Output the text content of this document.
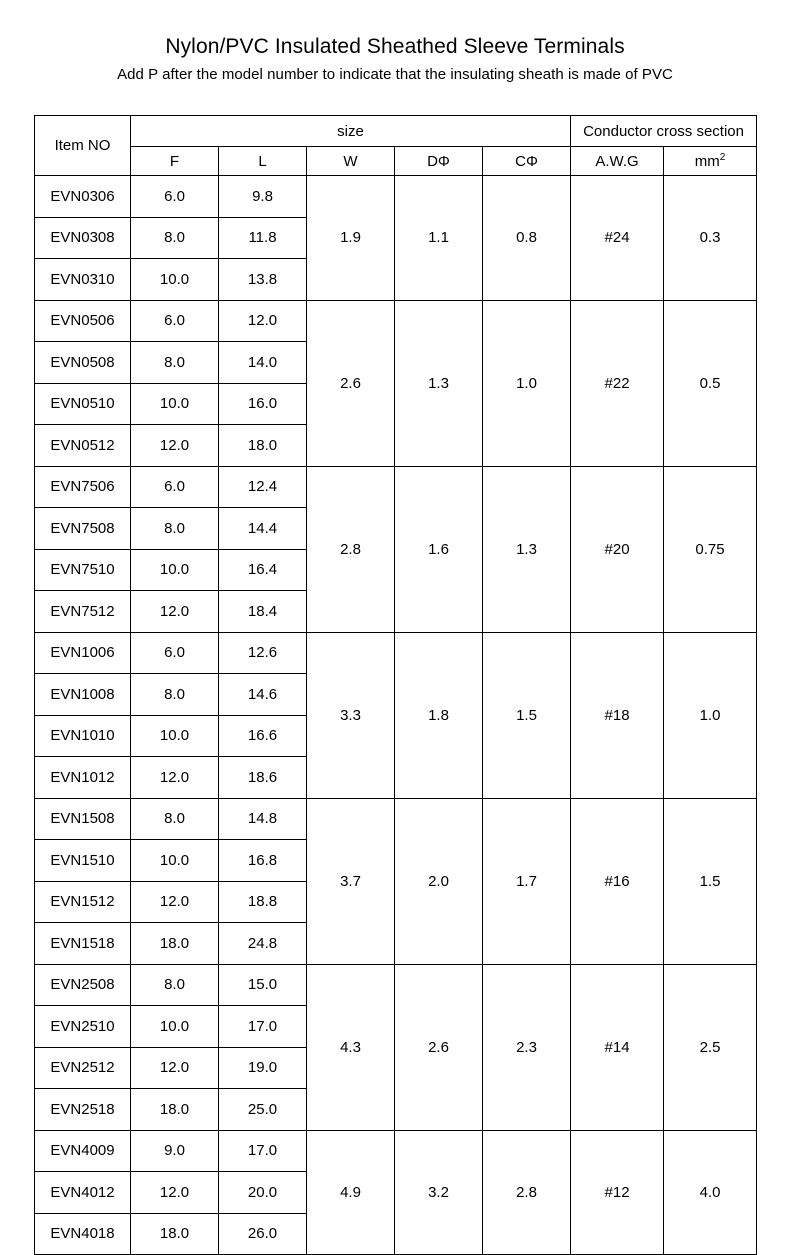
Nylon/PVC Insulated Sheathed Sleeve Terminals

Add P after the model number to indicate that the insulating sheath is made of PVC

Item NO	size					Conductor cross section	
	F	L	W	DΦ	CΦ	A.W.G	$mm^2$
EVN0306	6.0	9.8	1.9	1.1	0.8	#24	0.3
EVN0308	8.0	11.8					
EVN0310	10.0	13.8					
EVN0506	6.0	12.0	2.6	1.3	1.0	#22	0.5
EVN0508	8.0	14.0					
EVN0510	10.0	16.0					
EVN0512	12.0	18.0					
EVN7506	6.0	12.4	2.8	1.6	1.3	#20	0.75
EVN7508	8.0	14.4					
EVN7510	10.0	16.4					
EVN7512	12.0	18.4					
EVN1006	6.0	12.6	3.3	1.8	1.5	#18	1.0
EVN1008	8.0	14.6					
EVN1010	10.0	16.6					
EVN1012	12.0	18.6					
EVN1508	8.0	14.8	3.7	2.0	1.7	#16	1.5
EVN1510	10.0	16.8					
EVN1512	12.0	18.8					
EVN1518	18.0	24.8					
EVN2508	8.0	15.0	4.3	2.6	2.3	#14	2.5
EVN2510	10.0	17.0					
EVN2512	12.0	19.0					
EVN2518	18.0	25.0					
EVN4009	9.0	17.0	4.9	3.2	2.8	#12	4.0
EVN4012	12.0	20.0					
EVN4018	18.0	26.0					
